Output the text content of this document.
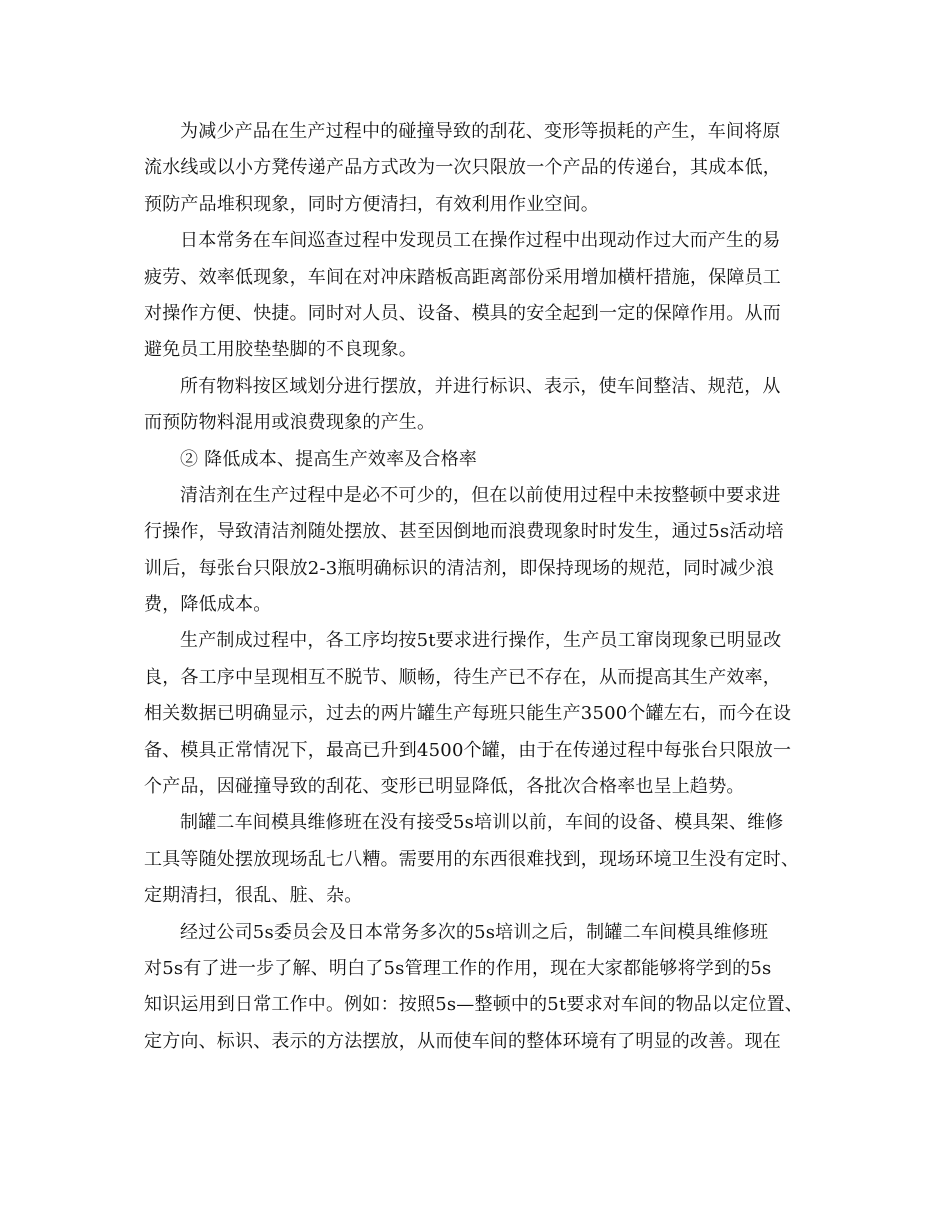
为减少产品在生产过程中的碰撞导致的刮花、变形等损耗的产生，车间将原
流水线或以小方凳传递产品方式改为一次只限放一个产品的传递台，其成本低，
预防产品堆积现象，同时方便清扫，有效利用作业空间。
日本常务在车间巡查过程中发现员工在操作过程中出现动作过大而产生的易
疲劳、效率低现象，车间在对冲床踏板高距离部份采用增加横杆措施，保障员工
对操作方便、快捷。同时对人员、设备、模具的安全起到一定的保障作用。从而
避免员工用胶垫垫脚的不良现象。
所有物料按区域划分进行摆放，并进行标识、表示，使车间整洁、规范，从
而预防物料混用或浪费现象的产生。
② 降低成本、提高生产效率及合格率
清洁剂在生产过程中是必不可少的，但在以前使用过程中未按整顿中要求进
行操作，导致清洁剂随处摆放、甚至因倒地而浪费现象时时发生，通过5s活动培
训后，每张台只限放2-3瓶明确标识的清洁剂，即保持现场的规范，同时减少浪
费，降低成本。
生产制成过程中，各工序均按5t要求进行操作，生产员工窜岗现象已明显改
良，各工序中呈现相互不脱节、顺畅，待生产已不存在，从而提高其生产效率，
相关数据已明确显示，过去的两片罐生产每班只能生产3500个罐左右，而今在设
备、模具正常情况下，最高已升到4500个罐，由于在传递过程中每张台只限放一
个产品，因碰撞导致的刮花、变形已明显降低，各批次合格率也呈上趋势。
制罐二车间模具维修班在没有接受5s培训以前，车间的设备、模具架、维修
工具等随处摆放现场乱七八糟。需要用的东西很难找到，现场环境卫生没有定时、
定期清扫，很乱、脏、杂。
经过公司5s委员会及日本常务多次的5s培训之后，制罐二车间模具维修班
对5s有了进一步了解、明白了5s管理工作的作用，现在大家都能够将学到的5s
知识运用到日常工作中。例如：按照5s—整顿中的5t要求对车间的物品以定位置、
定方向、标识、表示的方法摆放，从而使车间的整体环境有了明显的改善。现在
